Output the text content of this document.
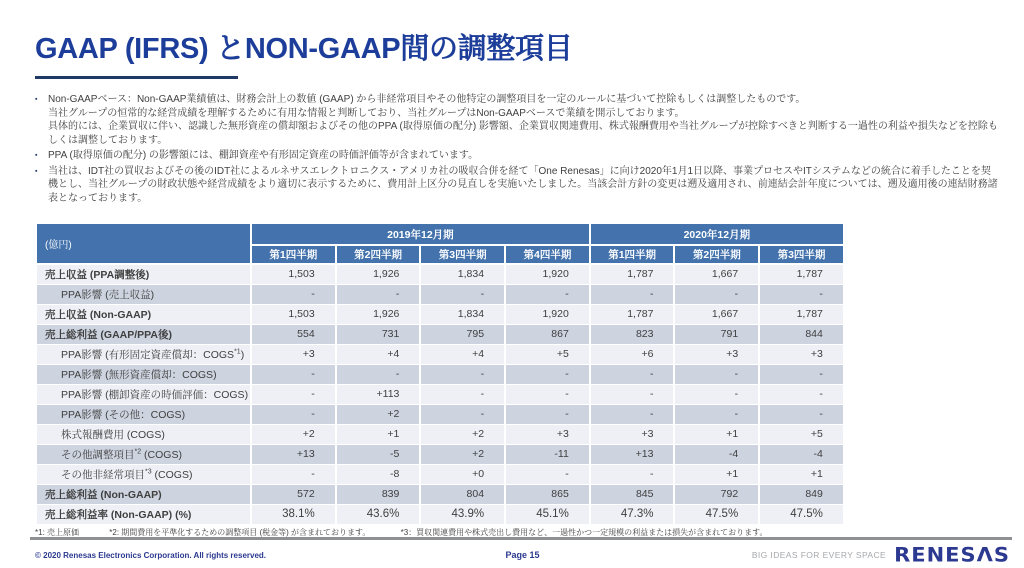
GAAP (IFRS) とNON-GAAP間の調整項目
▪	Non-GAAPベース：Non-GAAP業績値は、財務会計上の数値 (GAAP) から非経常項目やその他特定の調整項目を一定のルールに基づいて控除もしくは調整したものです。
当社グループの恒常的な経営成績を理解するために有用な情報と判断しており、当社グループはNon-GAAPベースで業績を開示しております。
具体的には、企業買収に伴い、認識した無形資産の償却額およびその他のPPA (取得原価の配分) 影響額、企業買収関連費用、株式報酬費用や当社グループが控除すべきと判断する一過性の利益や損失などを控除もしくは調整しております。
▪	PPA (取得原価の配分) の影響額には、棚卸資産や有形固定資産の時価評価等が含まれています。
▪	当社は、IDT社の買収およびその後のIDT社によるルネサスエレクトロニクス・アメリカ社の吸収合併を経て「One Renesas」に向け2020年1月1日以降、事業プロセスやITシステムなどの統合に着手したことを契機とし、当社グループの財政状態や経営成績をより適切に表示するために、費用計上区分の見直しを実施いたしました。当該会計方針の変更は遡及適用され、前連結会計年度については、遡及適用後の連結財務諸表となっております。
(億円)	2019年12月期				2020年12月期		
	第1四半期	第2四半期	第3四半期	第4四半期	第1四半期	第2四半期	第3四半期
売上収益 (PPA調整後)	1,503	1,926	1,834	1,920	1,787	1,667	1,787
PPA影響 (売上収益)	-	-	-	-	-	-	-
売上収益 (Non-GAAP)	1,503	1,926	1,834	1,920	1,787	1,667	1,787
売上総利益 (GAAP/PPA後)	554	731	795	867	823	791	844
PPA影響 (有形固定資産償却：$COGS^{*1}$)	+3	+4	+4	+5	+6	+3	+3
PPA影響 (無形資産償却：COGS)	-	-	-	-	-	-	-
PPA影響 (棚卸資産の時価評価：COGS)	-	+113	-	-	-	-	-
PPA影響 (その他：COGS)	-	+2	-	-	-	-	-
株式報酬費用 (COGS)	+2	+1	+2	+3	+3	+1	+5
その他調整項目$^{*2}$ (COGS)	+13	-5	+2	-11	+13	-4	-4
その他非経常項目$^{*3}$ (COGS)	-	-8	+0	-	-	+1	+1
売上総利益 (Non-GAAP)	572	839	804	865	845	792	849
売上総利益率 (Non-GAAP) (%)	38.1%	43.6%	43.9%	45.1%	47.3%	47.5%	47.5%
*1: 売上原価	*2: 期間費用を平準化するための調整項目 (税金等) が含まれております。	*3：買収関連費用や株式売出し費用など、一過性かつ一定規模の利益または損失が含まれております。
© 2020 Renesas Electronics Corporation. All rights reserved.	Page 15	BIG IDEAS FOR EVERY SPACE RENESΛS
